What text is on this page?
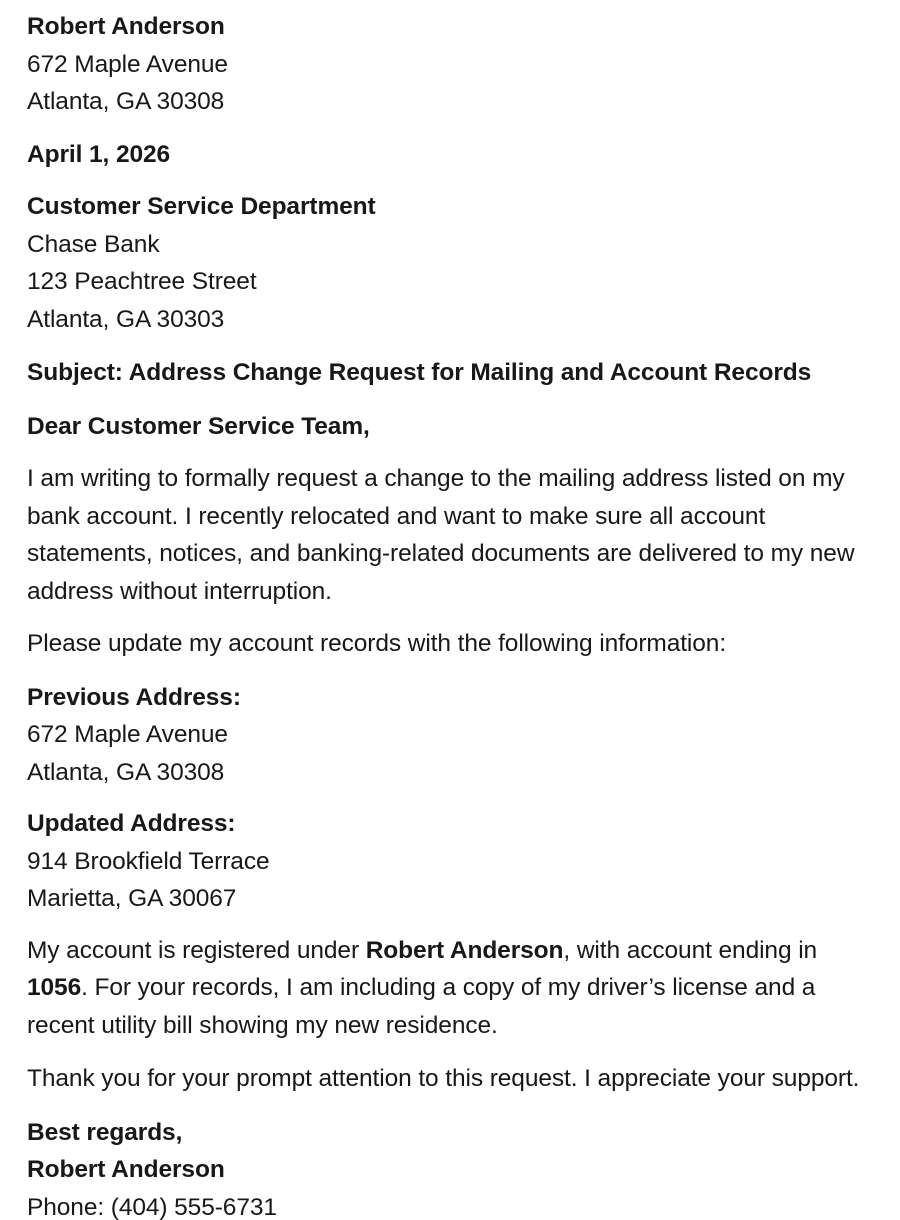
Robert Anderson
672 Maple Avenue
Atlanta, GA 30308
April 1, 2026
Customer Service Department
Chase Bank
123 Peachtree Street
Atlanta, GA 30303
Subject: Address Change Request for Mailing and Account Records
Dear Customer Service Team,

I am writing to formally request a change to the mailing address listed on my bank account. I recently relocated and want to make sure all account statements, notices, and banking-related documents are delivered to my new address without interruption.

Please update my account records with the following information:

Previous Address:
672 Maple Avenue
Atlanta, GA 30308
Updated Address:
914 Brookfield Terrace
Marietta, GA 30067

My account is registered under Robert Anderson, with account ending in 1056. For your records, I am including a copy of my driver’s license and a recent utility bill showing my new residence.

Thank you for your prompt attention to this request. I appreciate your support.

Best regards,
Robert Anderson
Phone: (404) 555-6731
